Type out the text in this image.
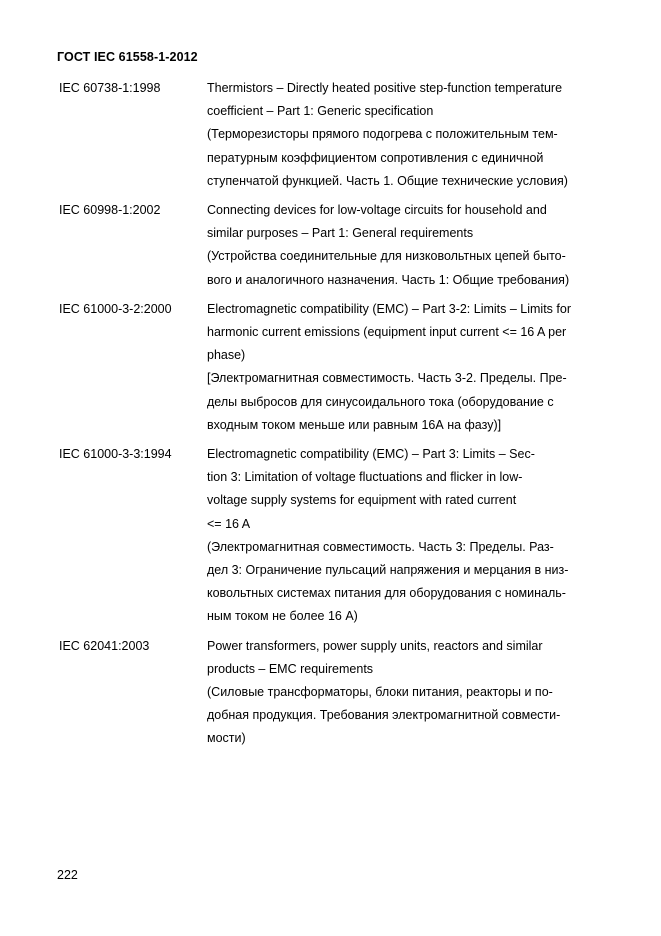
ГОСТ IEC 61558-1-2012
IEC 60738-1:1998	Thermistors – Directly heated positive step-function temperature
coefficient – Part 1: Generic specification
(Терморезисторы прямого подогрева с положительным тем-
пературным коэффициентом сопротивления с единичной
ступенчатой функцией. Часть 1. Общие технические условия)
IEC 60998-1:2002	Connecting devices for low-voltage circuits for household and
similar purposes – Part 1: General requirements
(Устройства соединительные для низковольтных цепей быто-
вого и аналогичного назначения. Часть 1: Общие требования)
IEC 61000-3-2:2000	Electromagnetic compatibility (EMC) – Part 3-2: Limits – Limits for
harmonic current emissions (equipment input current <= 16 A per
phase)
[Электромагнитная совместимость. Часть 3-2. Пределы. Пре-
делы выбросов для синусоидального тока (оборудование с
входным током меньше или равным 16А на фазу)]
IEC 61000-3-3:1994	Electromagnetic compatibility (EMC) – Part 3: Limits – Sec-
tion 3: Limitation of voltage fluctuations and flicker in low-
voltage supply systems for equipment with rated current
<= 16 A
(Электромагнитная совместимость. Часть 3: Пределы. Раз-
дел 3: Ограничение пульсаций напряжения и мерцания в низ-
ковольтных системах питания для оборудования с номиналь-
ным током не более 16 А)
IEC 62041:2003	Power transformers, power supply units, reactors and similar
products – EMC requirements
(Силовые трансформаторы, блоки питания, реакторы и по-
добная продукция. Требования электромагнитной совмести-
мости)
222
